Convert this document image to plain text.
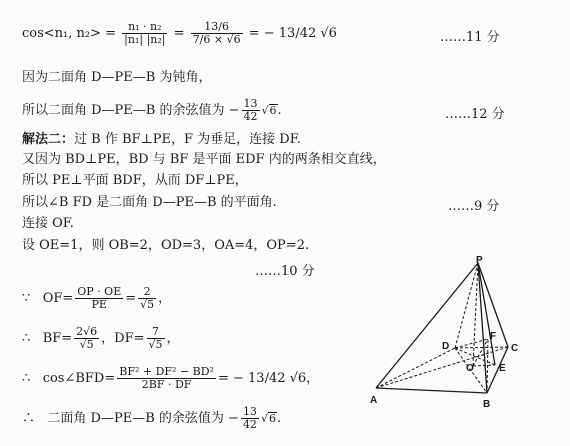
cos<n₁, $n_2> = \frac{\text{n₁ · n₂}}{\text{|n₁| |n₂|}} = \frac{13/6}{7/6 \times √6}$ = − 13/42 √6	……11 分
因为二面角 D—PE—B 为钝角，
所以二面角 D—PE—B 的余弦值为 − $\frac{13}{42} √6$.	……12 分
解法二：过 B 作 BF⊥PE，F 为垂足，连接 DF.
又因为 BD⊥PE，BD 与 BF 是平面 EDF 内的两条相交直线，
所以 PE⊥平面 BDF，从而 DF⊥PE，
所以∠B FD 是二面角 D—PE—B 的平面角.	……9 分
连接 OF.
设 OE=1，则 OB=2，OD=3，OA=4，OP=2.
……10 分
∵ $OF= \frac{OP \cdot OE}{PE} = \frac{2}{√5}$ ，
∴ $BF= \frac{2√6}{√5}$ ，$DF= \frac{7}{√5}$ ，
∴ cos∠BFD= $\frac{\text{BF² + DF² − BD²}}{2BF \cdot DF}$ = − 13/42 √6，
∴ 二面角 D—PE—B 的余弦值为 − $\frac{13}{42} √6$.
P
D
F
C
O	E
A	B
